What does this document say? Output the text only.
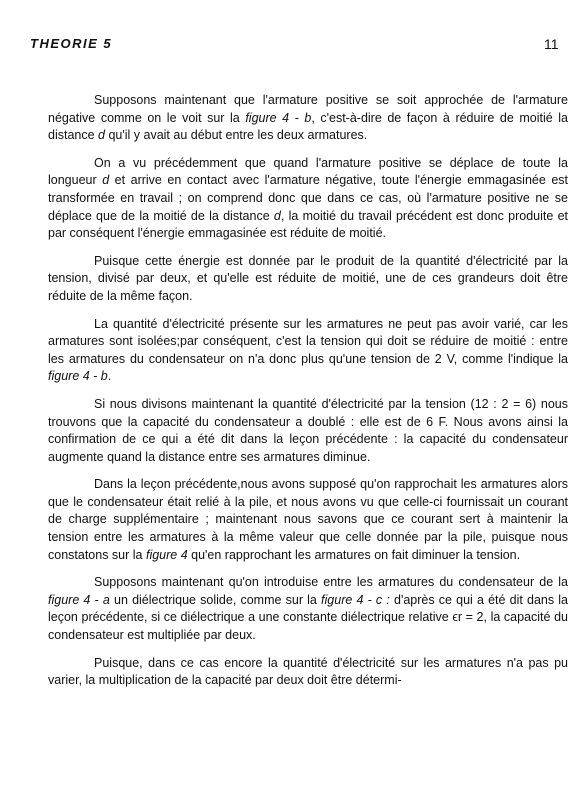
THEORIE 5	11

Supposons maintenant que l'armature positive se soit approchée de l'armature négative comme on le voit sur la figure 4 - b, c'est-à-dire de façon à réduire de moitié la distance d qu'il y avait au début entre les deux armatures.

On a vu précédemment que quand l'armature positive se déplace de toute la longueur d et arrive en contact avec l'armature négative, toute l'énergie emmagasinée est transformée en travail ; on comprend donc que dans ce cas, où l'armature positive ne se déplace que de la moitié de la distance d, la moitié du travail précédent est donc produite et par conséquent l'énergie emmagasinée est réduite de moitié.

Puisque cette énergie est donnée par le produit de la quantité d'électricité par la tension, divisé par deux, et qu'elle est réduite de moitié, une de ces grandeurs doit être réduite de la même façon.

La quantité d'électricité présente sur les armatures ne peut pas avoir varié, car les armatures sont isolées;par conséquent, c'est la tension qui doit se réduire de moitié : entre les armatures du condensateur on n'a donc plus qu'une tension de 2 V, comme l'indique la figure 4 - b.

Si nous divisons maintenant la quantité d'électricité par la tension (12 : 2 = 6) nous trouvons que la capacité du condensateur a doublé : elle est de 6 F. Nous avons ainsi la confirmation de ce qui a été dit dans la leçon précédente : la capacité du condensateur augmente quand la distance entre ses armatures diminue.

Dans la leçon précédente,nous avons supposé qu'on rapprochait les armatures alors que le condensateur était relié à la pile, et nous avons vu que celle-ci fournissait un courant de charge supplémentaire ; maintenant nous savons que ce courant sert à maintenir la tension entre les armatures à la même valeur que celle donnée par la pile, puisque nous constatons sur la figure 4 qu'en rapprochant les armatures on fait diminuer la tension.

Supposons maintenant qu'on introduise entre les armatures du condensateur de la figure 4 - a un diélectrique solide, comme sur la figure 4 - c : d'après ce qui a été dit dans la leçon précédente, si ce diélectrique a une constante diélectrique relative ϵr = 2, la capacité du condensateur est multipliée par deux.

Puisque, dans ce cas encore la quantité d'électricité sur les armatures n'a pas pu varier, la multiplication de la capacité par deux doit être détermi-
